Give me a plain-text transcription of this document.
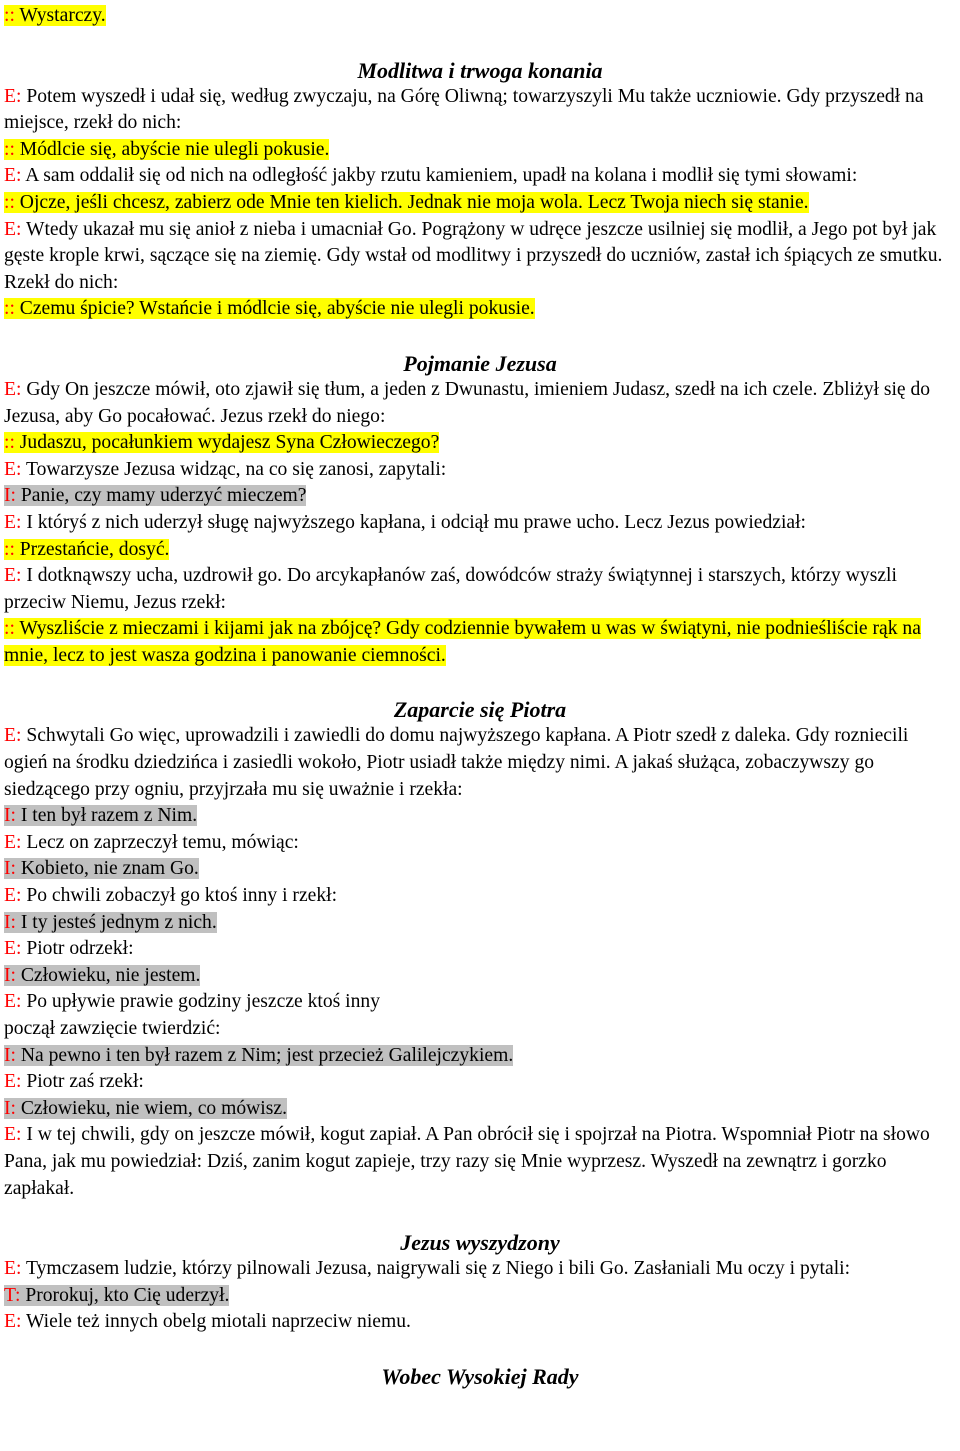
:: Wystarczy.

Modlitwa i trwoga konania

E: Potem wyszedł i udał się, według zwyczaju, na Górę Oliwną; towarzyszyli Mu także uczniowie. Gdy przyszedł na miejsce, rzekł do nich:

:: Módlcie się, abyście nie ulegli pokusie.

E: A sam oddalił się od nich na odległość jakby rzutu kamieniem, upadł na kolana i modlił się tymi słowami:

:: Ojcze, jeśli chcesz, zabierz ode Mnie ten kielich. Jednak nie moja wola. Lecz Twoja niech się stanie.

E: Wtedy ukazał mu się anioł z nieba i umacniał Go. Pogrążony w udręce jeszcze usilniej się modlił, a Jego pot był jak gęste krople krwi, sączące się na ziemię. Gdy wstał od modlitwy i przyszedł do uczniów, zastał ich śpiących ze smutku. Rzekł do nich:

:: Czemu śpicie? Wstańcie i módlcie się, abyście nie ulegli pokusie.

Pojmanie Jezusa

E: Gdy On jeszcze mówił, oto zjawił się tłum, a jeden z Dwunastu, imieniem Judasz, szedł na ich czele. Zbliżył się do Jezusa, aby Go pocałować. Jezus rzekł do niego:

:: Judaszu, pocałunkiem wydajesz Syna Człowieczego?

E: Towarzysze Jezusa widząc, na co się zanosi, zapytali:

I: Panie, czy mamy uderzyć mieczem?

E: I któryś z nich uderzył sługę najwyższego kapłana, i odciął mu prawe ucho. Lecz Jezus powiedział:

:: Przestańcie, dosyć.

E: I dotknąwszy ucha, uzdrowił go. Do arcykapłanów zaś, dowódców straży świątynnej i starszych, którzy wyszli przeciw Niemu, Jezus rzekł:

:: Wyszliście z mieczami i kijami jak na zbójcę? Gdy codziennie bywałem u was w świątyni, nie podnieśliście rąk na mnie, lecz to jest wasza godzina i panowanie ciemności.

Zaparcie się Piotra

E: Schwytali Go więc, uprowadzili i zawiedli do domu najwyższego kapłana. A Piotr szedł z daleka. Gdy rozniecili ogień na środku dziedzińca i zasiedli wokoło, Piotr usiadł także między nimi. A jakaś służąca, zobaczywszy go siedzącego przy ogniu, przyjrzała mu się uważnie i rzekła:

I: I ten był razem z Nim.

E: Lecz on zaprzeczył temu, mówiąc:

I: Kobieto, nie znam Go.

E: Po chwili zobaczył go ktoś inny i rzekł:

I: I ty jesteś jednym z nich.

E: Piotr odrzekł:

I: Człowieku, nie jestem.

E: Po upływie prawie godziny jeszcze ktoś inny

począł zawzięcie twierdzić:

I: Na pewno i ten był razem z Nim; jest przecież Galilejczykiem.

E: Piotr zaś rzekł:

I: Człowieku, nie wiem, co mówisz.

E: I w tej chwili, gdy on jeszcze mówił, kogut zapiał. A Pan obrócił się i spojrzał na Piotra. Wspomniał Piotr na słowo Pana, jak mu powiedział: Dziś, zanim kogut zapieje, trzy razy się Mnie wyprzesz. Wyszedł na zewnątrz i gorzko zapłakał.

Jezus wyszydzony

E: Tymczasem ludzie, którzy pilnowali Jezusa, naigrywali się z Niego i bili Go. Zasłaniali Mu oczy i pytali:

T: Prorokuj, kto Cię uderzył.

E: Wiele też innych obelg miotali naprzeciw niemu.

Wobec Wysokiej Rady
